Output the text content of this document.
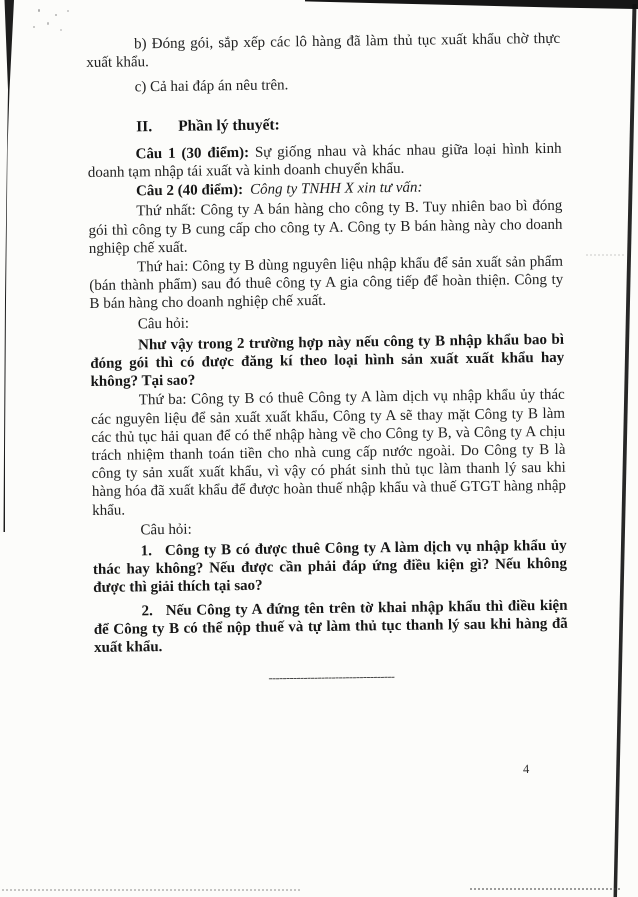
b) Đóng gói, sắp xếp các lô hàng đã làm thủ tục xuất khẩu chờ thực xuất khẩu.

c) Cả hai đáp án nêu trên.

II. Phần lý thuyết:

Câu 1 (30 điểm): Sự giống nhau và khác nhau giữa loại hình kinh doanh tạm nhập tái xuất và kinh doanh chuyển khẩu.

Câu 2 (40 điểm): Công ty TNHH X xin tư vấn:

Thứ nhất: Công ty A bán hàng cho công ty B. Tuy nhiên bao bì đóng gói thì công ty B cung cấp cho công ty A. Công ty B bán hàng này cho doanh nghiệp chế xuất.

Thứ hai: Công ty B dùng nguyên liệu nhập khẩu để sản xuất sản phẩm (bán thành phẩm) sau đó thuê công ty A gia công tiếp để hoàn thiện. Công ty B bán hàng cho doanh nghiệp chế xuất.

Câu hỏi:

Như vậy trong 2 trường hợp này nếu công ty B nhập khẩu bao bì đóng gói thì có được đăng kí theo loại hình sản xuất xuất khẩu hay không? Tại sao?

Thứ ba: Công ty B có thuê Công ty A làm dịch vụ nhập khẩu ủy thác các nguyên liệu để sản xuất xuất khẩu, Công ty A sẽ thay mặt Công ty B làm các thủ tục hải quan để có thể nhập hàng về cho Công ty B, và Công ty A chịu trách nhiệm thanh toán tiền cho nhà cung cấp nước ngoài. Do Công ty B là công ty sản xuất xuất khẩu, vì vậy có phát sinh thủ tục làm thanh lý sau khi hàng hóa đã xuất khẩu để được hoàn thuế nhập khẩu và thuế GTGT hàng nhập khẩu.

Câu hỏi:

1. Công ty B có được thuê Công ty A làm dịch vụ nhập khẩu ủy thác hay không? Nếu được cần phải đáp ứng điều kiện gì? Nếu không được thì giải thích tại sao?

2. Nếu Công ty A đứng tên trên tờ khai nhập khẩu thì điều kiện để Công ty B có thể nộp thuế và tự làm thủ tục thanh lý sau khi hàng đã xuất khẩu.

------------------------------------

4
